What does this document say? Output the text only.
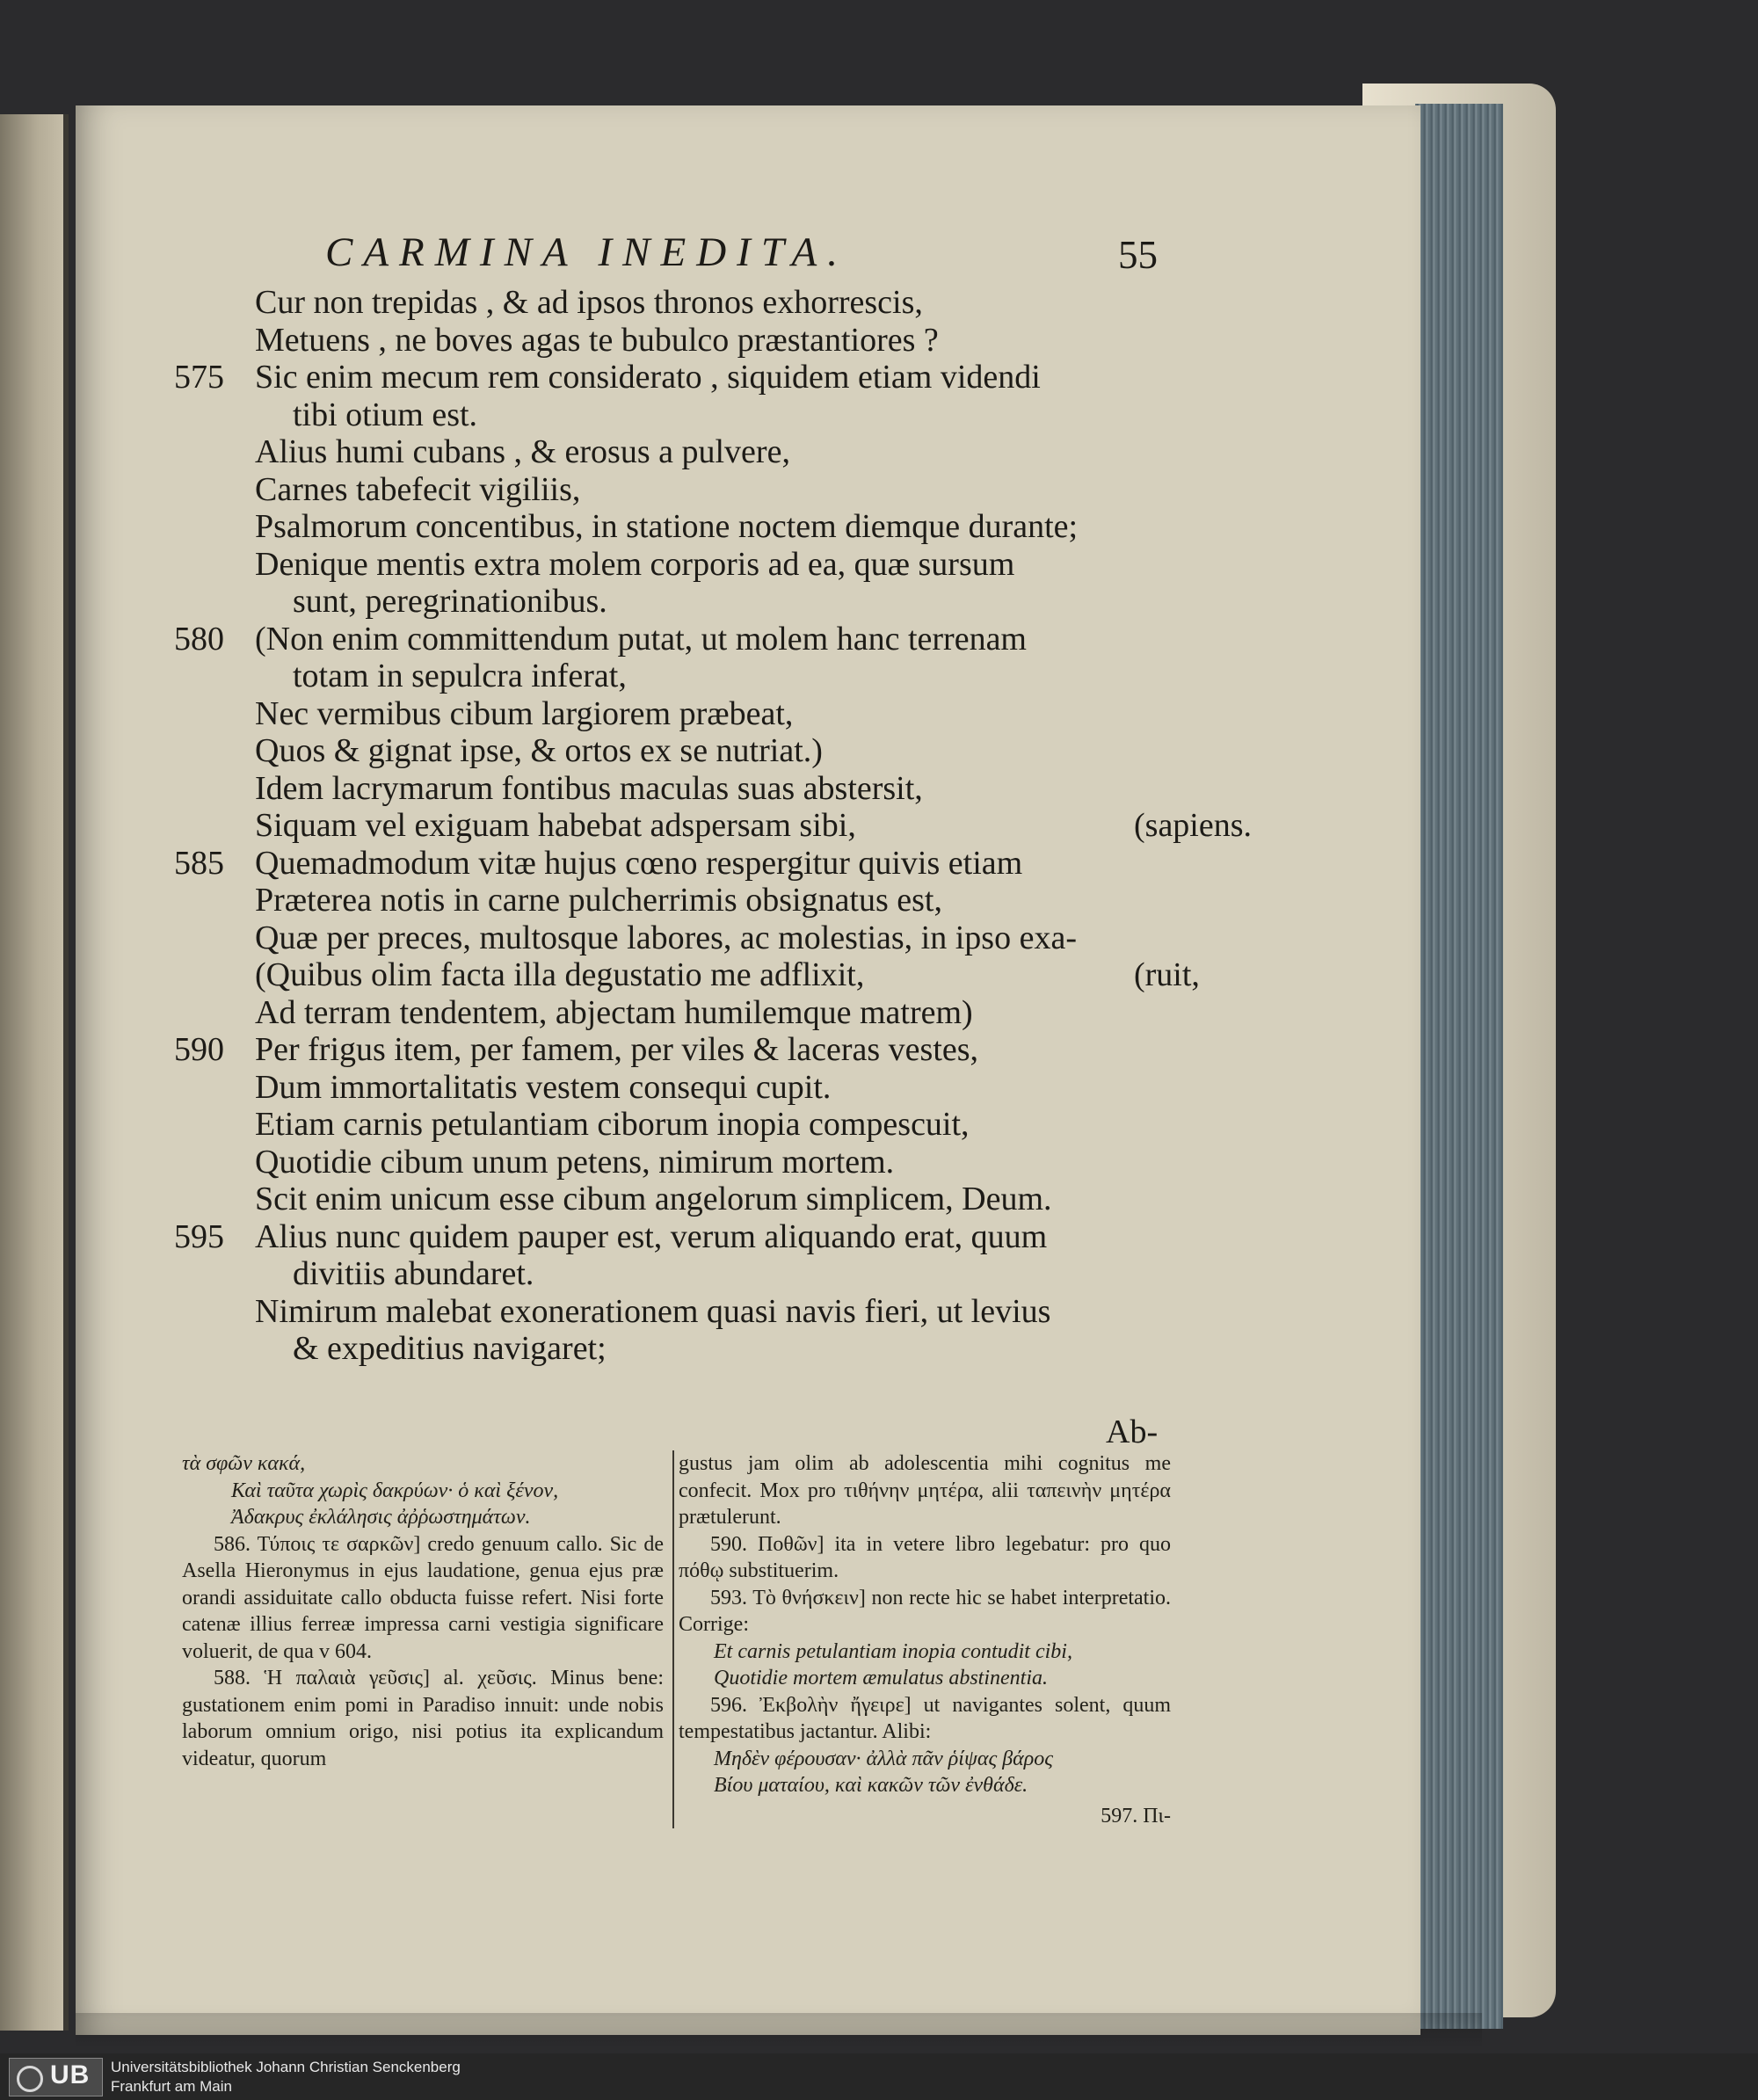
CARMINA INEDITA.	55
Cur non trepidas , & ad ipsos thronos exhorrescis,
Metuens , ne boves agas te bubulco præstantiores ?
575 Sic enim mecum rem considerato , siquidem etiam videndi
tibi otium est.
Alius humi cubans , & erosus a pulvere,
Carnes tabefecit vigiliis,
Psalmorum concentibus, in statione noctem diemque durante;
Denique mentis extra molem corporis ad ea, quæ sursum
sunt, peregrinationibus.
580 (Non enim committendum putat, ut molem hanc terrenam
totam in sepulcra inferat,
Nec vermibus cibum largiorem præbeat,
Quos & gignat ipse, & ortos ex se nutriat.)
Idem lacrymarum fontibus maculas suas abstersit,
Siquam vel exiguam habebat adspersam sibi,	(sapiens.
585 Quemadmodum vitæ hujus cœno respergitur quivis etiam
Præterea notis in carne pulcherrimis obsignatus est,
Quæ per preces, multosque labores, ac molestias, in ipso exa-
(Quibus olim facta illa degustatio me adflixit,	(ruit,
Ad terram tendentem, abjectam humilemque matrem)
590 Per frigus item, per famem, per viles & laceras vestes,
Dum immortalitatis vestem consequi cupit.
Etiam carnis petulantiam ciborum inopia compescuit,
Quotidie cibum unum petens, nimirum mortem.
Scit enim unicum esse cibum angelorum simplicem, Deum.
595 Alius nunc quidem pauper est, verum aliquando erat, quum
divitiis abundaret.
Nimirum malebat exonerationem quasi navis fieri, ut levius
& expeditius navigaret;
Ab-

τὰ σφῶν κακά,

Καὶ ταῦτα χωρὶς δακρύων· ὁ καὶ ξένον,

Ἀδακρυς ἐκλάλησις ἀῤῥωστημάτων.

586. Τύποις τε σαρκῶν] credo genuum callo. Sic de Asella Hieronymus in ejus laudatione, genua ejus præ orandi assiduitate callo obducta fuisse refert. Nisi forte catenæ illius ferreæ impressa carni vestigia significare voluerit, de qua v 604.

588. Ἡ παλαιὰ γεῦσις] al. χεῦσις. Minus bene: gustationem enim pomi in Paradiso innuit: unde nobis laborum omnium origo, nisi potius ita explicandum videatur, quorum

gustus jam olim ab adolescentia mihi cognitus me confecit. Mox pro τιθήνην μητέρα, alii ταπεινὴν μητέρα prætulerunt.

590. Ποθῶν] ita in vetere libro legebatur: pro quo πόθῳ substituerim.

593. Τὸ θνήσκειν] non recte hic se habet interpretatio. Corrige:

Et carnis petulantiam inopia contudit cibi,

Quotidie mortem æmulatus abstinentia.

596. Ἐκβολὴν ἤγειρε] ut navigantes solent, quum tempestatibus jactantur. Alibi:

Μηδὲν φέρουσαν· ἀλλὰ πᾶν ῥίψας βάρος

Βίου ματαίου, καὶ κακῶν τῶν ἐνθάδε.

597. Πι-

UB Universitätsbibliothek Johann Christian Senckenberg
Frankfurt am Main
